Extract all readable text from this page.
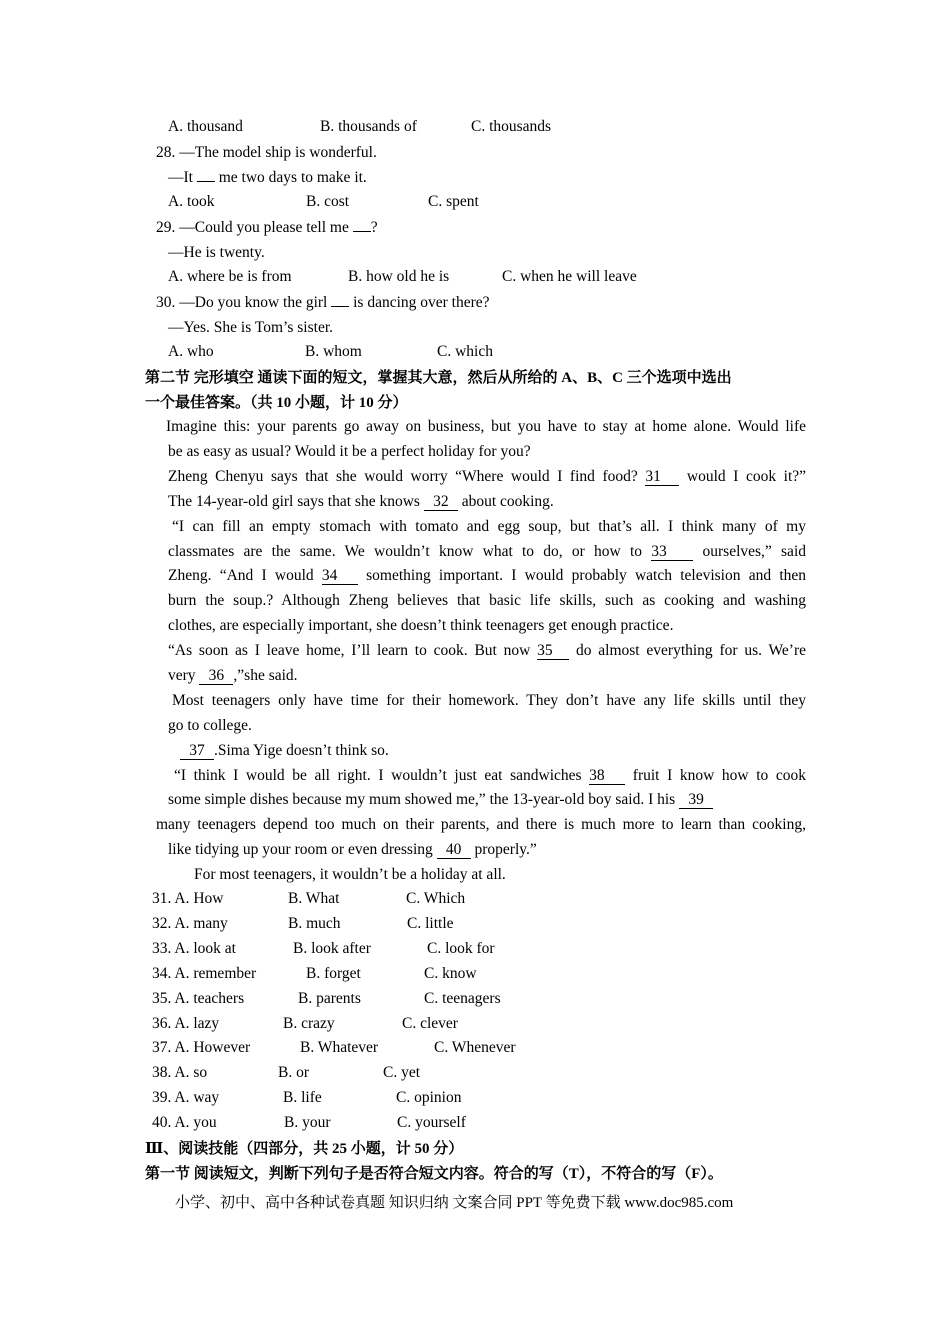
A. thousand	B. thousands of	C. thousands
28. —The model ship is wonderful.
—It me two days to make it.
A. took	B. cost	C. spent
29. —Could you please tell me ?
—He is twenty.
A. where be is from	B. how old he is	C. when he will leave
30. —Do you know the girl is dancing over there?
—Yes. She is Tom’s sister.
A. who	B. whom	C. which
第二节 完形填空 通读下面的短文，掌握其大意，然后从所给的 A、B、C 三个选项中选出
一个最佳答案。（共 10 小题，计 10 分）
Imagine this: your parents go away on business, but you have to stay at home alone. Would life
be as easy as usual? Would it be a perfect holiday for you?
Zheng Chenyu says that she would worry “Where would I find food? 31 would I cook it?”
The 14-year-old girl says that she knows 32 about cooking.
“I can fill an empty stomach with tomato and egg soup, but that’s all. I think many of my
classmates are the same. We wouldn’t know what to do, or how to 33 ourselves,” said
Zheng. “And I would 34 something important. I would probably watch television and then
burn the soup.? Although Zheng believes that basic life skills, such as cooking and washing
clothes, are especially important, she doesn’t think teenagers get enough practice.
“As soon as I leave home, I’ll learn to cook. But now 35 do almost everything for us. We’re
very 36 ,”she said.
Most teenagers only have time for their homework. They don’t have any life skills until they
go to college.
37 .Sima Yige doesn’t think so.
“I think I would be all right. I wouldn’t just eat sandwiches 38 fruit I know how to cook
some simple dishes because my mum showed me,” the 13-year-old boy said. I his 39
many teenagers depend too much on their parents, and there is much more to learn than cooking,
like tidying up your room or even dressing 40 properly.”
For most teenagers, it wouldn’t be a holiday at all.
31. A. How	B. What	C. Which
32. A. many	B. much	C. little
33. A. look at	B. look after	C. look for
34. A. remember	B. forget	C. know
35. A. teachers	B. parents	C. teenagers
36. A. lazy	B. crazy	C. clever
37. A. However	B. Whatever	C. Whenever
38. A. so	B. or	C. yet
39. A. way	B. life	C. opinion
40. A. you	B. your	C. yourself
Ⅲ、阅读技能（四部分，共 25 小题，计 50 分）
第一节 阅读短文，判断下列句子是否符合短文内容。符合的写（T），不符合的写（F）。
小学、初中、高中各种试卷真题 知识归纳 文案合同 PPT 等免费下载 www.doc985.com
